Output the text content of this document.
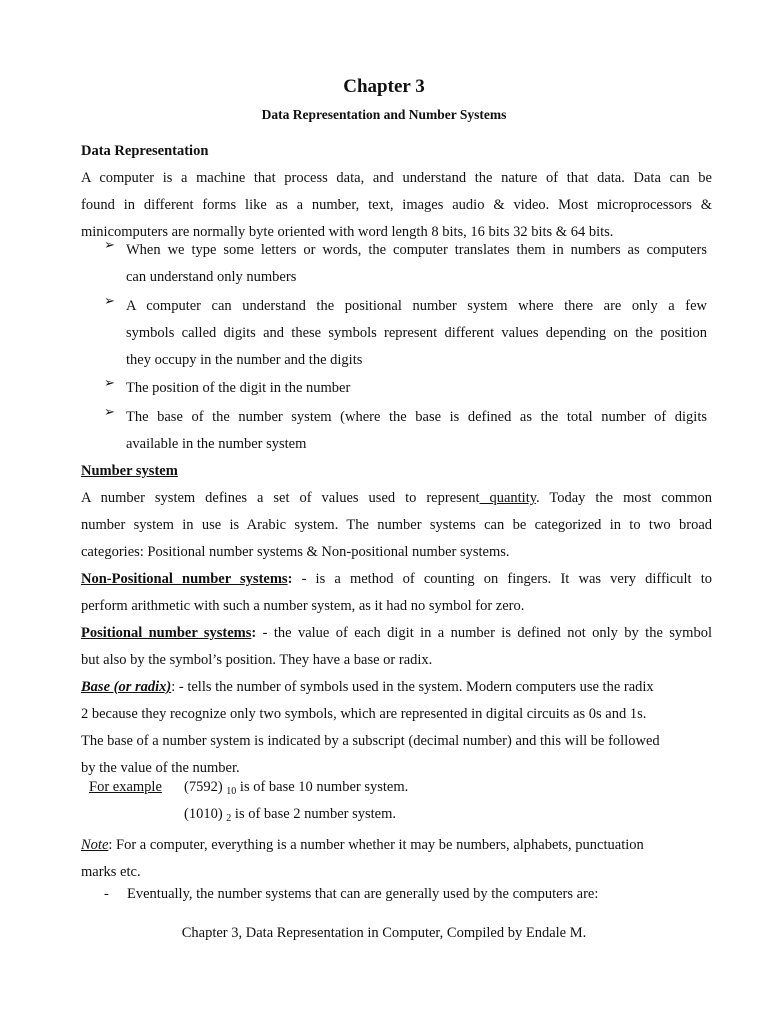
Chapter 3
Data Representation and Number Systems
Data Representation
A computer is a machine that process data, and understand the nature of that data. Data can be
found in different forms like as a number, text, images audio & video. Most microprocessors &
minicomputers are normally byte oriented with word length 8 bits, 16 bits 32 bits & 64 bits.
➢ When we type some letters or words, the computer translates them in numbers as computers
can understand only numbers
➢ A computer can understand the positional number system where there are only a few
symbols called digits and these symbols represent different values depending on the position
they occupy in the number and the digits
➢ The position of the digit in the number
➢ The base of the number system (where the base is defined as the total number of digits
available in the number system
Number system
A number system defines a set of values used to represent quantity. Today the most common
number system in use is Arabic system. The number systems can be categorized in to two broad
categories: Positional number systems & Non-positional number systems.
Non-Positional number systems: - is a method of counting on fingers. It was very difficult to
perform arithmetic with such a number system, as it had no symbol for zero.
Positional number systems: - the value of each digit in a number is defined not only by the symbol
but also by the symbol’s position. They have a base or radix.
Base (or radix): - tells the number of symbols used in the system. Modern computers use the radix
2 because they recognize only two symbols, which are represented in digital circuits as 0s and 1s.
The base of a number system is indicated by a subscript (decimal number) and this will be followed
by the value of the number.
For example (7592) $_{10}$ is of base 10 number system.
(1010) $_2$ is of base 2 number system.
Note: For a computer, everything is a number whether it may be numbers, alphabets, punctuation
marks etc.
- Eventually, the number systems that can are generally used by the computers are:
Chapter 3, Data Representation in Computer, Compiled by Endale M.
